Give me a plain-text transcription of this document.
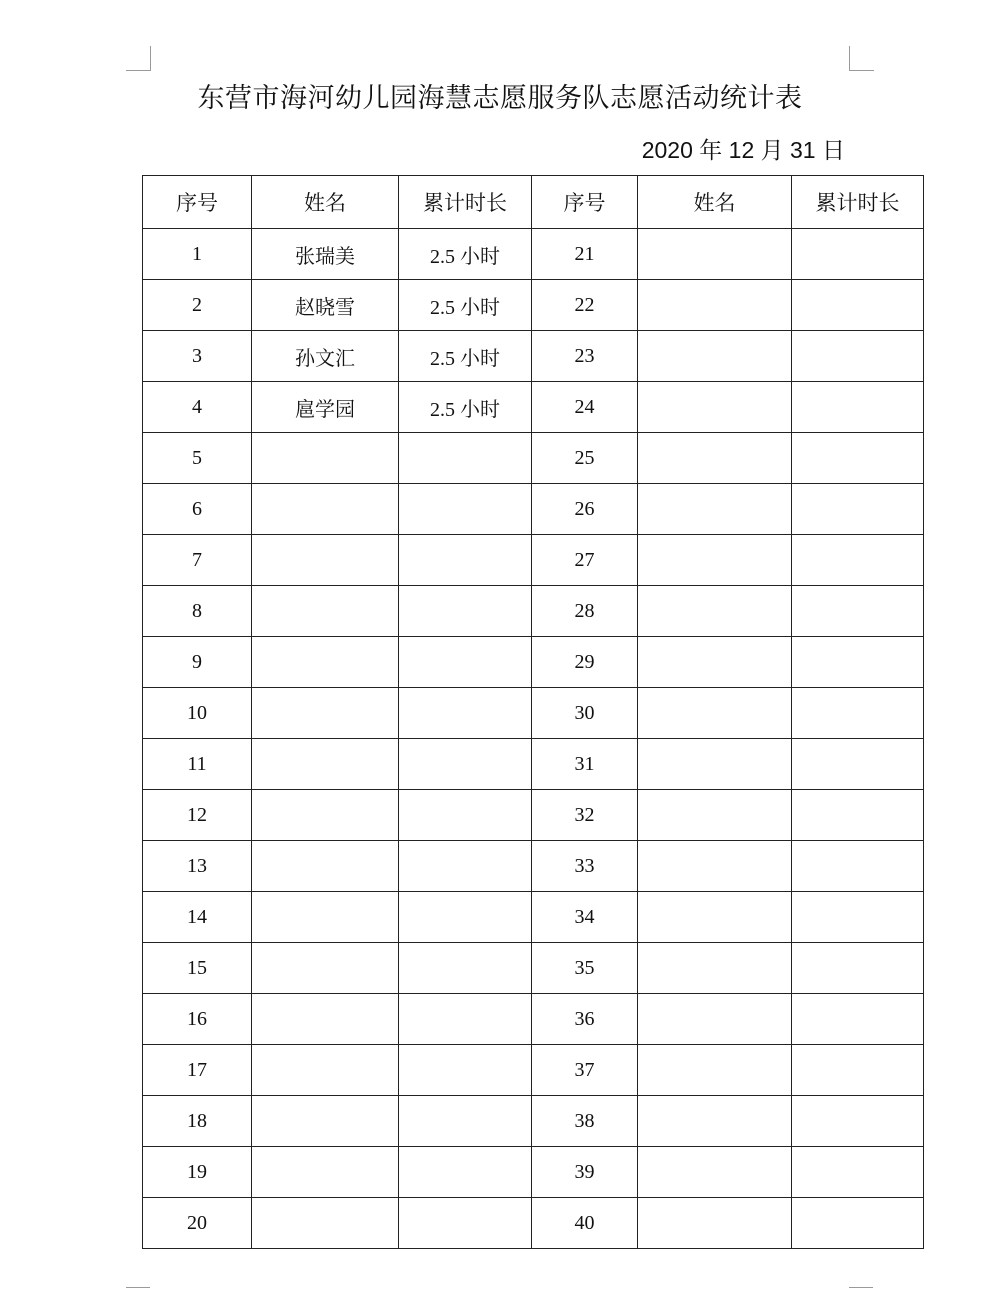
东营市海河幼儿园海慧志愿服务队志愿活动统计表
2020 年 12 月 31 日
序号	姓名	累计时长	序号	姓名	累计时长
1	张瑞美	2.5 小时	21		
2	赵晓雪	2.5 小时	22		
3	孙文汇	2.5 小时	23		
4	扈学园	2.5 小时	24		
5			25		
6			26		
7			27		
8			28		
9			29		
10			30		
11			31		
12			32		
13			33		
14			34		
15			35		
16			36		
17			37		
18			38		
19			39		
20			40		
